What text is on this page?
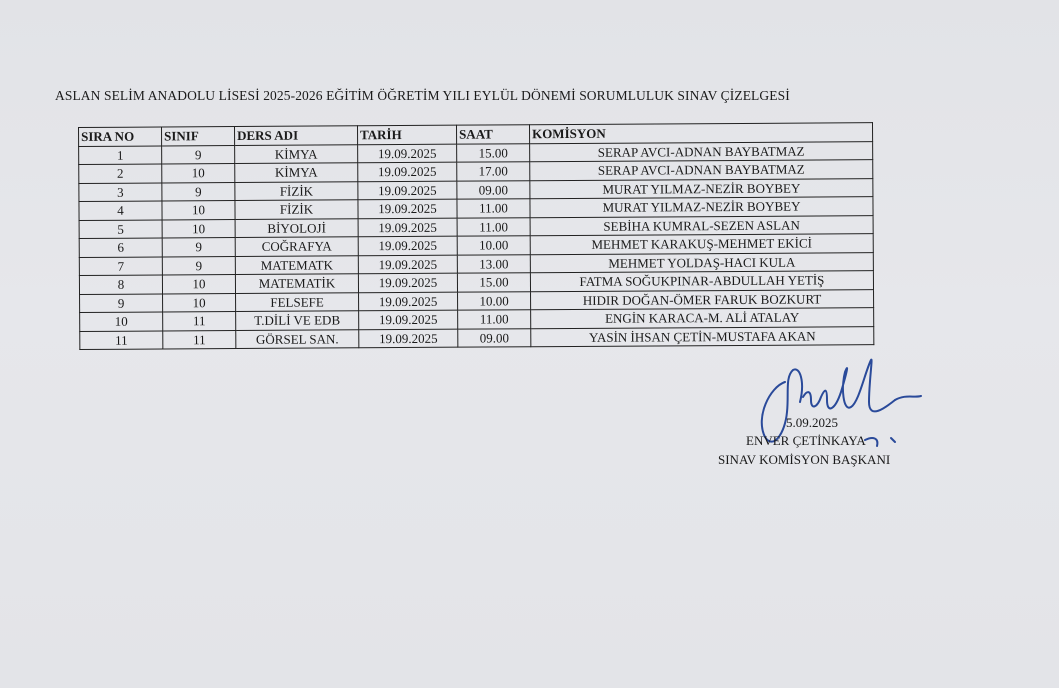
ASLAN SELİM ANADOLU LİSESİ 2025-2026 EĞİTİM ÖĞRETİM YILI EYLÜL DÖNEMİ SORUMLULUK SINAV ÇİZELGESİ
SIRA NO	SINIF	DERS ADI	TARİH	SAAT	KOMİSYON
1	9	KİMYA	19.09.2025	15.00	SERAP AVCI-ADNAN BAYBATMAZ
2	10	KİMYA	19.09.2025	17.00	SERAP AVCI-ADNAN BAYBATMAZ
3	9	FİZİK	19.09.2025	09.00	MURAT YILMAZ-NEZİR BOYBEY
4	10	FİZİK	19.09.2025	11.00	MURAT YILMAZ-NEZİR BOYBEY
5	10	BİYOLOJİ	19.09.2025	11.00	SEBİHA KUMRAL-SEZEN ASLAN
6	9	COĞRAFYA	19.09.2025	10.00	MEHMET KARAKUŞ-MEHMET EKİCİ
7	9	MATEMATK	19.09.2025	13.00	MEHMET YOLDAŞ-HACI KULA
8	10	MATEMATİK	19.09.2025	15.00	FATMA SOĞUKPINAR-ABDULLAH YETİŞ
9	10	FELSEFE	19.09.2025	10.00	HIDIR DOĞAN-ÖMER FARUK BOZKURT
10	11	T.DİLİ VE EDB	19.09.2025	11.00	ENGİN KARACA-M. ALİ ATALAY
11	11	GÖRSEL SAN.	19.09.2025	09.00	YASİN İHSAN ÇETİN-MUSTAFA AKAN
5.09.2025
ENVER ÇETİNKAYA
SINAV KOMİSYON BAŞKANI
